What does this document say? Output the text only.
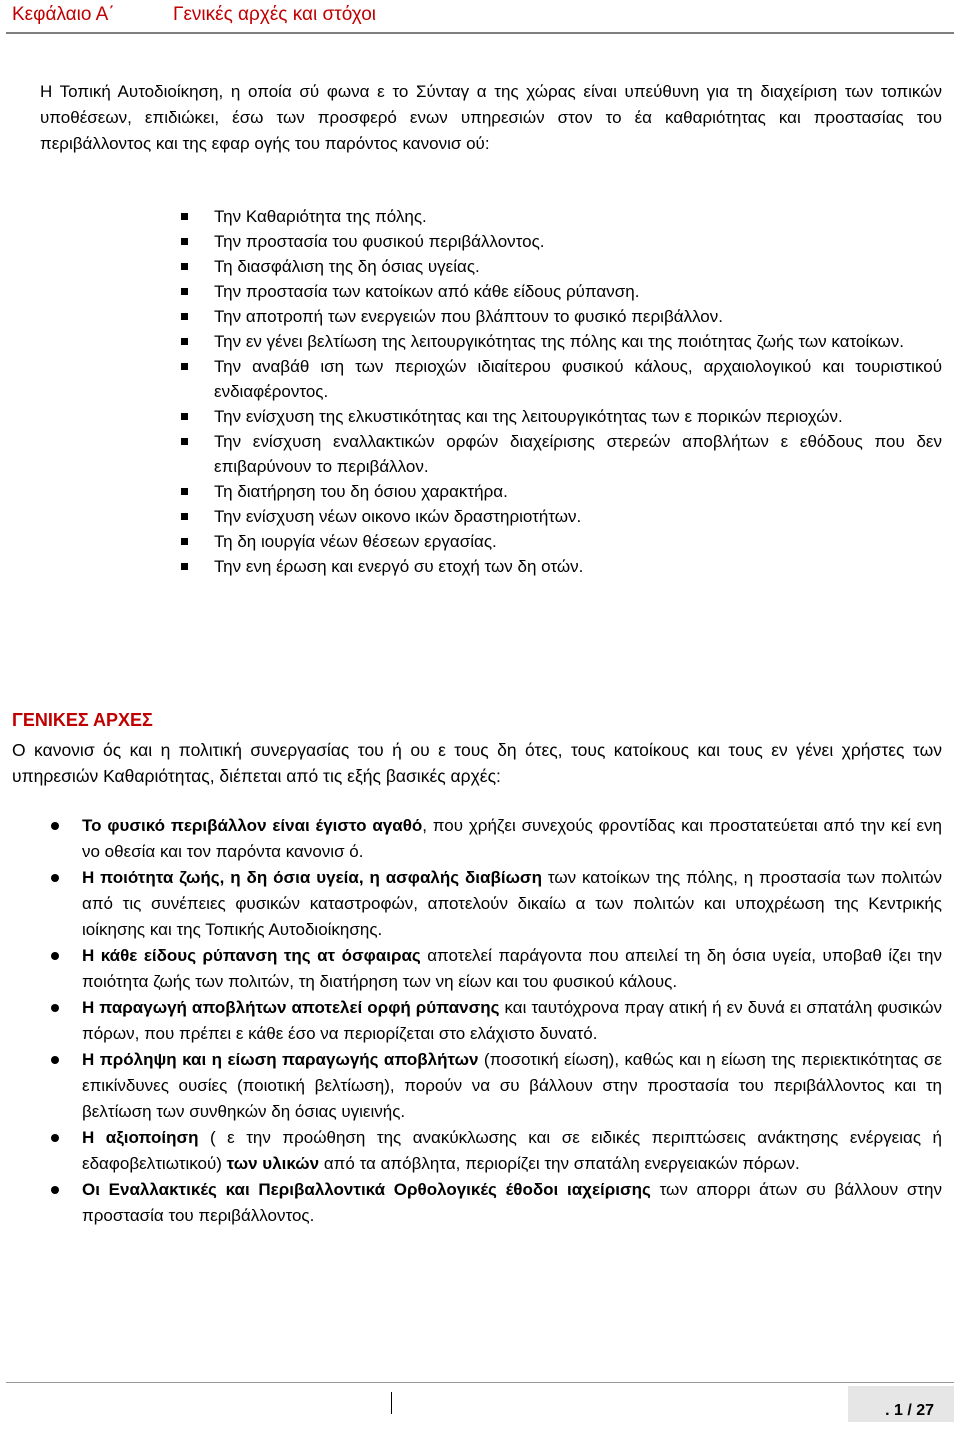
Κεφάλαιο Α΄	Γενικές αρχές και στόχοι

Η Τοπική Αυτοδιοίκηση, η οποία σύ φωνα ε το Σύνταγ α της χώρας είναι υπεύθυνη για τη διαχείριση των τοπικών υποθέσεων, επιδιώκει, έσω των προσφερό ενων υπηρεσιών στον το έα καθαριότητας και προστασίας του περιβάλλοντος και της εφαρ ογής του παρόντος κανονισ ού:

Την Καθαριότητα της πόλης.
Την προστασία του φυσικού περιβάλλοντος.
Τη διασφάλιση της δη όσιας υγείας.
Την προστασία των κατοίκων από κάθε είδους ρύπανση.
Την αποτροπή των ενεργειών που βλάπτουν το φυσικό περιβάλλον.
Την εν γένει βελτίωση της λειτουργικότητας της πόλης και της ποιότητας ζωής των κατοίκων.
Την αναβάθ ιση των περιοχών ιδιαίτερου φυσικού κάλους, αρχαιολογικού και τουριστικού ενδιαφέροντος.
Την ενίσχυση της ελκυστικότητας και της λειτουργικότητας των ε πορικών περιοχών.
Την ενίσχυση εναλλακτικών ορφών διαχείρισης στερεών αποβλήτων ε εθόδους που δεν επιβαρύνουν το περιβάλλον.
Τη διατήρηση του δη όσιου χαρακτήρα.
Την ενίσχυση νέων οικονο ικών δραστηριοτήτων.
Τη δη ιουργία νέων θέσεων εργασίας.
Την ενη έρωση και ενεργό συ ετοχή των δη οτών.
ΓΕΝΙΚΕΣ ΑΡΧΕΣ

Ο κανονισ ός και η πολιτική συνεργασίας του ή ου ε τους δη ότες, τους κατοίκους και τους εν γένει χρήστες των υπηρεσιών Καθαριότητας, διέπεται από τις εξής βασικές αρχές:

Το φυσικό περιβάλλον είναι έγιστο αγαθό, που χρήζει συνεχούς φροντίδας και προστατεύεται από την κεί ενη νο οθεσία και τον παρόντα κανονισ ό.
Η ποιότητα ζωής, η δη όσια υγεία, η ασφαλής διαβίωση των κατοίκων της πόλης, η προστασία των πολιτών από τις συνέπειες φυσικών καταστροφών, αποτελούν δικαίω α των πολιτών και υποχρέωση της Κεντρικής ιοίκησης και της Τοπικής Αυτοδιοίκησης.
Η κάθε είδους ρύπανση της ατ όσφαιρας αποτελεί παράγοντα που απειλεί τη δη όσια υγεία, υποβαθ ίζει την ποιότητα ζωής των πολιτών, τη διατήρηση των νη είων και του φυσικού κάλους.
Η παραγωγή αποβλήτων αποτελεί ορφή ρύπανσης και ταυτόχρονα πραγ ατική ή εν δυνά ει σπατάλη φυσικών πόρων, που πρέπει ε κάθε έσο να περιορίζεται στο ελάχιστο δυνατό.
Η πρόληψη και η είωση παραγωγής αποβλήτων (ποσοτική είωση), καθώς και η είωση της περιεκτικότητας σε επικίνδυνες ουσίες (ποιοτική βελτίωση), πορούν να συ βάλλουν στην προστασία του περιβάλλοντος και τη βελτίωση των συνθηκών δη όσιας υγιεινής.
Η αξιοποίηση ( ε την προώθηση της ανακύκλωσης και σε ειδικές περιπτώσεις ανάκτησης ενέργειας ή εδαφοβελτιωτικού) των υλικών από τα απόβλητα, περιορίζει την σπατάλη ενεργειακών πόρων.
Οι Εναλλακτικές και Περιβαλλοντικά Ορθολογικές έθοδοι ιαχείρισης των απορρι άτων συ βάλλουν στην προστασία του περιβάλλοντος.
. 1 / 27
